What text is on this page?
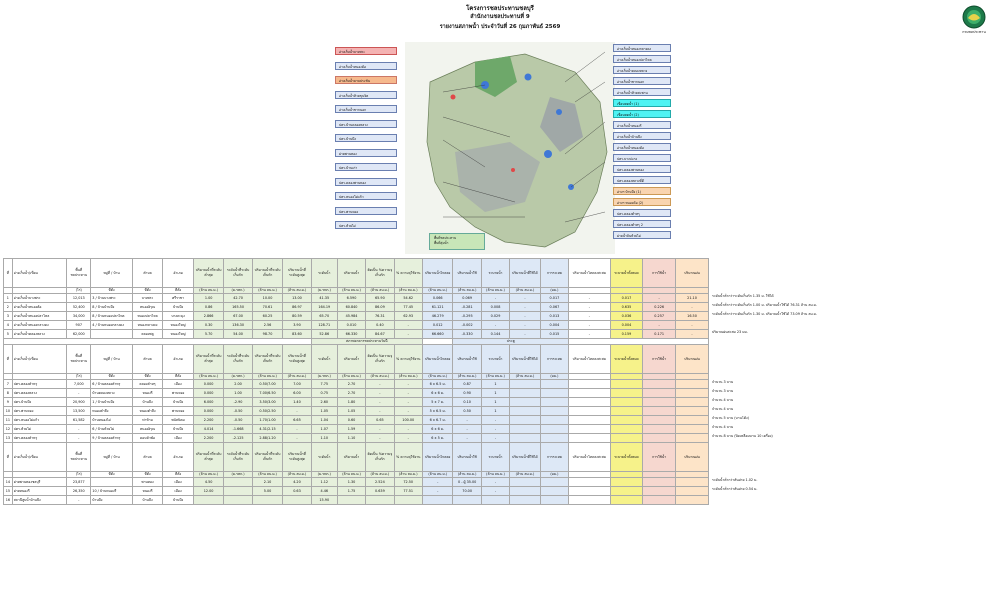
โครงการชลประทานชลบุรี
สำนักงานชลประทานที่ 9
รายงานสภาพน้ำ ประจำวันที่ 26 กุมภาพันธ์ 2569
กรมชลประทาน
อ่างเก็บน้ำบางพระ
อ่างเก็บน้ำหนองค้อ
อ่างเก็บน้ำมาบประชัน
อ่างเก็บน้ำห้วยขุนจิต
อ่างเก็บน้ำชากนอก
ปตร.บ้านคลองหลวง
ปตร.บ้านบึง
ฝายพานทอง
ปตร.บ้านเก่า
ปตร.คลองพานทอง
ปตร.หนองไผ่แก้ว
ปตร.พานทอง
ปตร.ห้วยไผ่
อ่างเก็บน้ำหนองกลางดง
อ่างเก็บน้ำหนองปลาไหล
อ่างเก็บน้ำคลองหลวง
อ่างเก็บน้ำซากนอก
อ่างเก็บน้ำห้วยสะพาน
เขื่อนทดน้ำ (1)
เขื่อนทดน้ำ (2)
อ่างเก็บน้ำหนองรี
อ่างเก็บน้ำบ้านบึง
อ่างเก็บน้ำหนองค้อ
ปตร.บางปะกง
ปตร.คลองพานทอง
ปตร.คลองหลวงที่ดี
อ่างฯ บ้านบึง (1)
อ่างฯ หนองค้อ (2)
ปตร.คลองตำหรุ
ปตร.คลองตำหรุ 2
ฝายน้ำล้นห้วยไผ่
พื้นที่ชลประทาน
พื้นที่ลุ่มน้ำ
ที่	อ่างเก็บน้ำ/เขื่อน	พื้นที่ชลประทาน	หมู่ที่ / บ้าน	ตำบล	อำเภอ	ปริมาณน้ำที่ระดับต่ำสุด	ระดับน้ำที่ระดับเก็บกัก	ปริมาณน้ำที่ระดับเก็บกัก	ปริมาณน้ำที่ระดับสูงสุด	ระดับน้ำ	ปริมาณน้ำ	คิดเป็น %ความจุเก็บกัก	% ความจุใช้งาน	ปริมาณน้ำไหลลง	ปริมาณน้ำใช้	ระบายน้ำ	ปริมาณน้ำที่ใช้ได้	การระเหย	ปริมาณน้ำไหลลงสะสม	ระบายน้ำทั้งหมด	การใช้น้ำ	ปริมาณฝน
		(ไร่)	ที่ตั้ง	ที่ตั้ง	ที่ตั้ง	(ล้าน ลบ.ม.)	(ม.รทก.)	(ล้าน ลบ.ม.)	(ล้าน ลบ.ม.)	(ม.รทก.)	(ล้าน ลบ.ม.)	(ล้าน ลบ.ม.)	(ล้าน ลบ.ม.)	(ล้าน ลบ.ม.)	(ล้าน ลบ.ม.)	(ล้าน ลบ.ม.)	(ล้าน ลบ.ม.)	(มม.)				
1	อ่างเก็บน้ำบางพระ	12,013	3 / บ้านบางพระ	บางพระ	ศรีราชา	1.00	42.70	10.00	13.00	41.35	6.590	65.90	54.62	0.066	0.069	-	-	0.017	-	0.017	-	21.10
2	อ่างเก็บน้ำหนองค้อ	52,400	8 / บ้านบ้านบึง	หนองอิรุณ	บ้านบึง	0.86	165.50	70.61	86.97	164.19	60.840	86.09	77.45	61.121	-0.281	0.008	-	0.067	-	0.635	0.226	-
3	อ่างเก็บน้ำหนองปลาไหล	34,000	8 / บ้านหนองปลาไหล	หนองปลาไหล	บางละมุง	2.866	67.00	60.25	80.59	65.70	45.984	76.31	62.93	46.279	-0.295	0.029	-	0.013	-	0.036	0.257	16.50
4	อ่างเก็บน้ำหนองกลางดง	907	4 / บ้านหนองกลางดง	หนองกลางดง	หนองใหญ่	0.30	136.30	2.56	3.90	128.71	0.010	0.40	-	0.012	-0.002	-	-	0.004	-	0.004	-	-
5	อ่างเก็บน้ำคลองหลวง	62,000		คลองพลู	หนองใหญ่	5.70	54.00	98.70	83.60	52.86	66.330	84.67	-	66.660	-0.330	0.144	-	0.015	-	0.159	0.171	-
										สภาพอาคารชลประทานวันนี้					ประตู							
ที่	อ่างเก็บน้ำ/เขื่อน	พื้นที่ชลประทาน	หมู่ที่ / บ้าน	ตำบล	อำเภอ	ปริมาณน้ำที่ระดับต่ำสุด	ระดับน้ำที่ระดับเก็บกัก	ปริมาณน้ำที่ระดับเก็บกัก	ปริมาณน้ำที่ระดับสูงสุด	ระดับน้ำ	ปริมาณน้ำ	คิดเป็น %ความจุเก็บกัก	% ความจุใช้งาน	ปริมาณน้ำไหลลง	ปริมาณน้ำใช้	ระบายน้ำ	ปริมาณน้ำที่ใช้ได้	การระเหย	ปริมาณน้ำไหลลงสะสม	ระบายน้ำทั้งหมด	การใช้น้ำ	ปริมาณฝน
		(ไร่)	ที่ตั้ง	ที่ตั้ง	ที่ตั้ง	(ล้าน ลบ.ม.)	(ม.รทก.)	(ล้าน ลบ.ม.)	(ล้าน ลบ.ม.)	(ม.รทก.)	(ล้าน ลบ.ม.)	(ล้าน ลบ.ม.)	(ล้าน ลบ.ม.)	(ล้าน ลบ.ม.)	(ล้าน ลบ.ม.)	(ล้าน ลบ.ม.)	(ล้าน ลบ.ม.)	(มม.)				
7	ปตร.คลองตำหรุ	7,000	6 / บ้านคลองตำหรุ	คลองตำหรุ	เมือง	0.000	2.00	0.50/7.00	7.00	7.75	2.70	-	-	6 x 6.5 ม.	0.87	1						
8	ปตร.คลองหลวง	-	บ้านคลองหลวง	หนองรี	พานทอง	0.000	1.00	7.00/6.50	6.00	0.75	2.70	-	-	6 x 6 ม.	0.90	1						
9	ปตร.บ้านบึง	20,900	1 / บ้านบ้านบึง	บ้านบึง	บ้านบึง	6.000	-2.90	3.50/3.00	1.40	2.60	1.80	-	-	5 x 7 ม.	0.10	1						
10	ปตร.พานทอง	13,500	หนองตำลึง	หนองตำลึง	พานทอง	0.000	-0.50	0.50/2.50	-	1.05	1.05	-	-	5 x 6.5 ม.	0.50	1						
11	ปตร.หนองไผ่แก้ว	61,582	บ้านหนองไผ่	ท่าข้าม	พนัสนิคม	2.200	-0.50	1.70/1.00	6.65	1.04	0.60	0.65	100.00	6 x 6.7 ม.	-	-						
12	ปตร.ห้วยไผ่	-	6 / บ้านห้วยไผ่	หนองอิรุณ	บ้านบึง	4.014	-1.668	4.31/2.15	-	1.07	1.59	-	-	6 x 6 ม.	-	-						
13	ปตร.คลองตำหรุ	-	9 / บ้านคลองตำหรุ	ดอนหัวฬ่อ	เมือง	2.200	-2.125	2.88/1.20	-	1.10	1.10	-	-	6 x 5 ม.	-	-						
ที่	อ่างเก็บน้ำ/เขื่อน	พื้นที่ชลประทาน	หมู่ที่ / บ้าน	ตำบล	อำเภอ	ปริมาณน้ำที่ระดับต่ำสุด	ระดับน้ำที่ระดับเก็บกัก	ปริมาณน้ำที่ระดับเก็บกัก	ปริมาณน้ำที่ระดับสูงสุด	ระดับน้ำ	ปริมาณน้ำ	คิดเป็น %ความจุเก็บกัก	% ความจุใช้งาน	ปริมาณน้ำไหลลง	ปริมาณน้ำใช้	ระบายน้ำ	ปริมาณน้ำที่ใช้ได้	การระเหย	ปริมาณน้ำไหลลงสะสม	ระบายน้ำทั้งหมด	การใช้น้ำ	ปริมาณฝน
		(ไร่)	ที่ตั้ง	ที่ตั้ง	ที่ตั้ง	(ล้าน ลบ.ม.)	(ม.รทก.)	(ล้าน ลบ.ม.)	(ล้าน ลบ.ม.)	(ม.รทก.)	(ล้าน ลบ.ม.)	(ล้าน ลบ.ม.)	(ล้าน ลบ.ม.)	(ล้าน ลบ.ม.)	(ล้าน ลบ.ม.)	(ล้าน ลบ.ม.)	(ล้าน ลบ.ม.)	(มม.)				
14	ฝายพานทองชลบุรี	23,877		พานทอง	เมือง	4.50		2.10	4.20	1.12	1.30	2.524	72.50	-	0 - ผู้ 35.00	-						
15	ฝายหนองรี	26,350	10 / บ้านหนองรี	หนองรี	เมือง	12.00		5.00	0.63	4.46	1.75	0.639	77.51	-	70.00	-						
16	สถานีสูบน้ำบ้านบึง	-	บ้านบึง	บ้านบึง	บ้านบึง					15.90												
ระดับน้ำต่ำกว่าระดับเก็บกัก 1.35 ม. ใช้ได้
ระดับน้ำต่ำกว่าระดับเก็บกัก 1.00 ม. ปริมาณน้ำใช้ได้ 76.31 ล้าน ลบ.ม.
ระดับน้ำต่ำกว่าระดับเก็บกัก 1.30 ม. ปริมาณน้ำใช้ได้ 73.09 ล้าน ลบ.ม.
ปริมาณฝนสะสม 23 มม.
จำนวน 3 บาน
จำนวน 3 บาน
จำนวน 4 บาน
จำนวน 4 บาน
จำนวน 5 บาน (บานโค้ง)
จำนวน 4 บาน
จำนวน 8 บาน (ปิดเหลือมบาน 10 เครื่อง)
ระดับน้ำต่ำกว่าสันฝาย 1.02 ม.
ระดับน้ำต่ำกว่าสันฝาย 0.54 ม.
